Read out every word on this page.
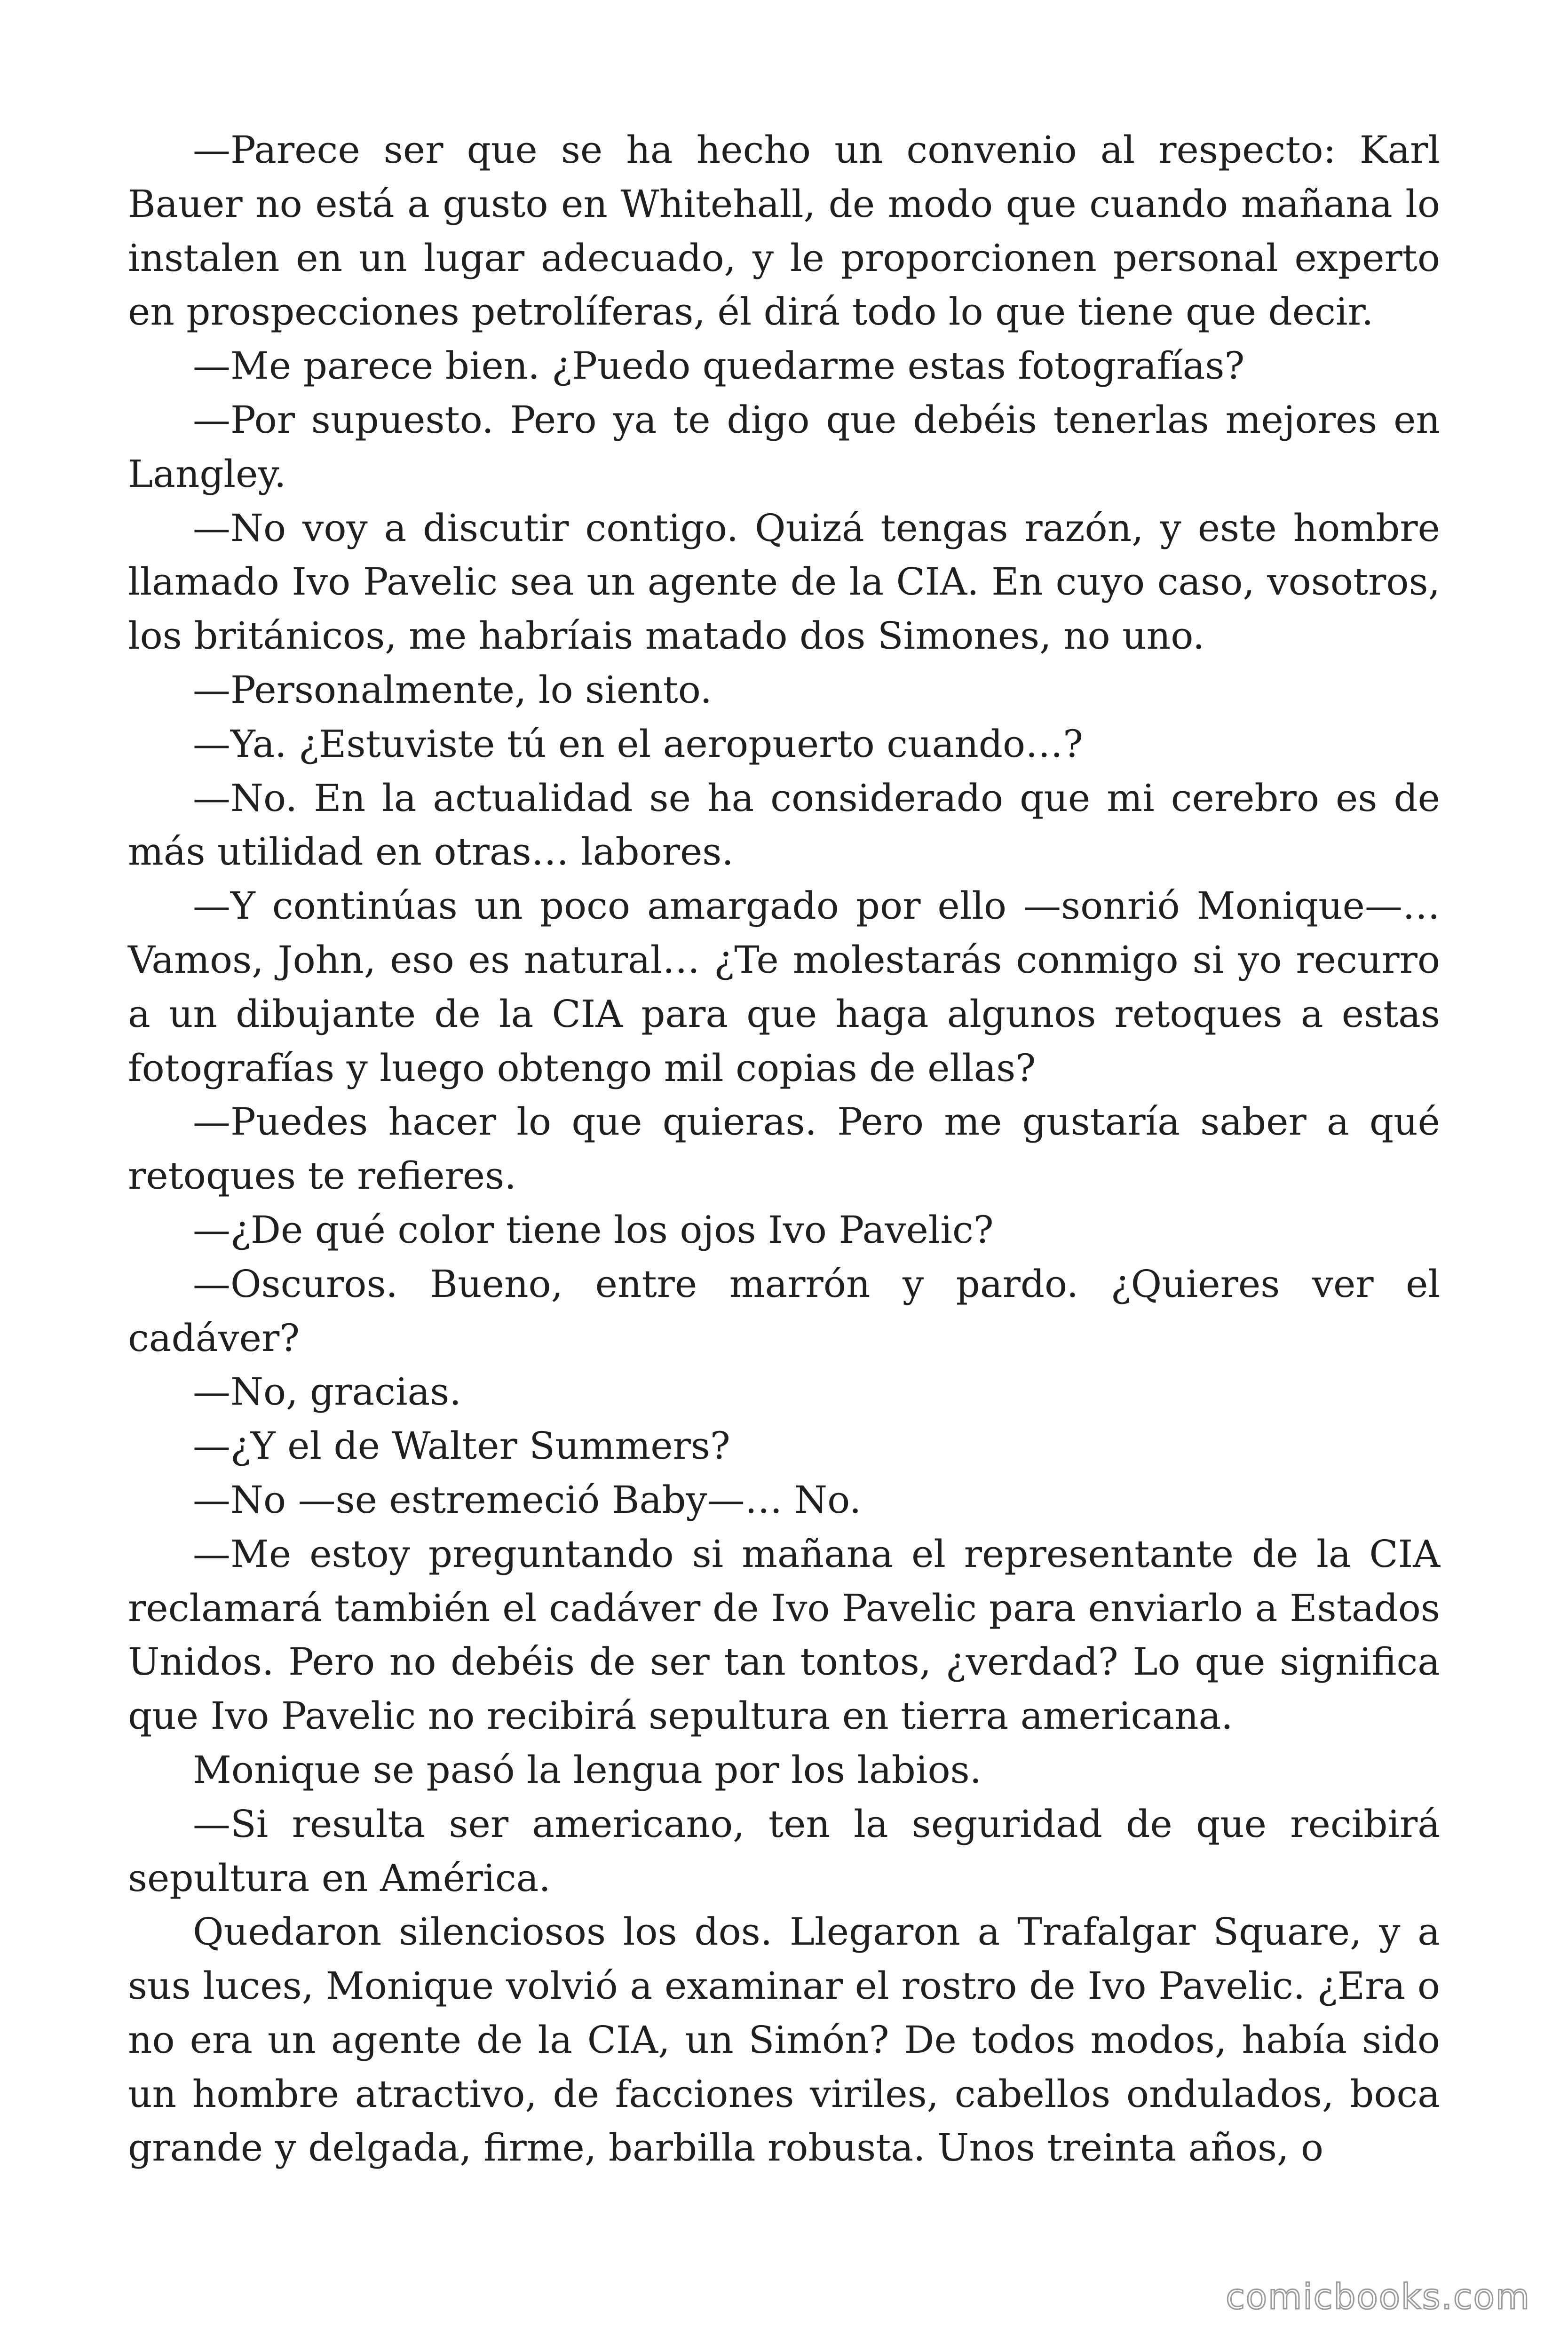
—Parece ser que se ha hecho un convenio al respecto: Karl Bauer no está a gusto en Whitehall, de modo que cuando mañana lo instalen en un lugar adecuado, y le proporcionen personal experto en prospecciones petrolíferas, él dirá todo lo que tiene que decir.

—Me parece bien. ¿Puedo quedarme estas fotografías?

—Por supuesto. Pero ya te digo que debéis tenerlas mejores en Langley.

—No voy a discutir contigo. Quizá tengas razón, y este hombre llamado Ivo Pavelic sea un agente de la CIA. En cuyo caso, vosotros, los británicos, me habríais matado dos Simones, no uno.

—Personalmente, lo siento.

—Ya. ¿Estuviste tú en el aeropuerto cuando…?

—No. En la actualidad se ha considerado que mi cerebro es de más utilidad en otras… labores.

—Y continúas un poco amargado por ello —sonrió Monique—… Vamos, John, eso es natural… ¿Te molestarás conmigo si yo recurro a un dibujante de la CIA para que haga algunos retoques a estas fotografías y luego obtengo mil copias de ellas?

—Puedes hacer lo que quieras. Pero me gustaría saber a qué retoques te refieres.

—¿De qué color tiene los ojos Ivo Pavelic?

—Oscuros. Bueno, entre marrón y pardo. ¿Quieres ver el cadáver?

—No, gracias.

—¿Y el de Walter Summers?

—No —se estremeció Baby—… No.

—Me estoy preguntando si mañana el representante de la CIA reclamará también el cadáver de Ivo Pavelic para enviarlo a Estados Unidos. Pero no debéis de ser tan tontos, ¿verdad? Lo que significa que Ivo Pavelic no recibirá sepultura en tierra americana.

Monique se pasó la lengua por los labios.

—Si resulta ser americano, ten la seguridad de que recibirá sepultura en América.

Quedaron silenciosos los dos. Llegaron a Trafalgar Square, y a sus luces, Monique volvió a examinar el rostro de Ivo Pavelic. ¿Era o no era un agente de la CIA, un Simón? De todos modos, había sido un hombre atractivo, de facciones viriles, cabellos ondulados, boca grande y delgada, firme, barbilla robusta. Unos treinta años, o

comicbooks.com
